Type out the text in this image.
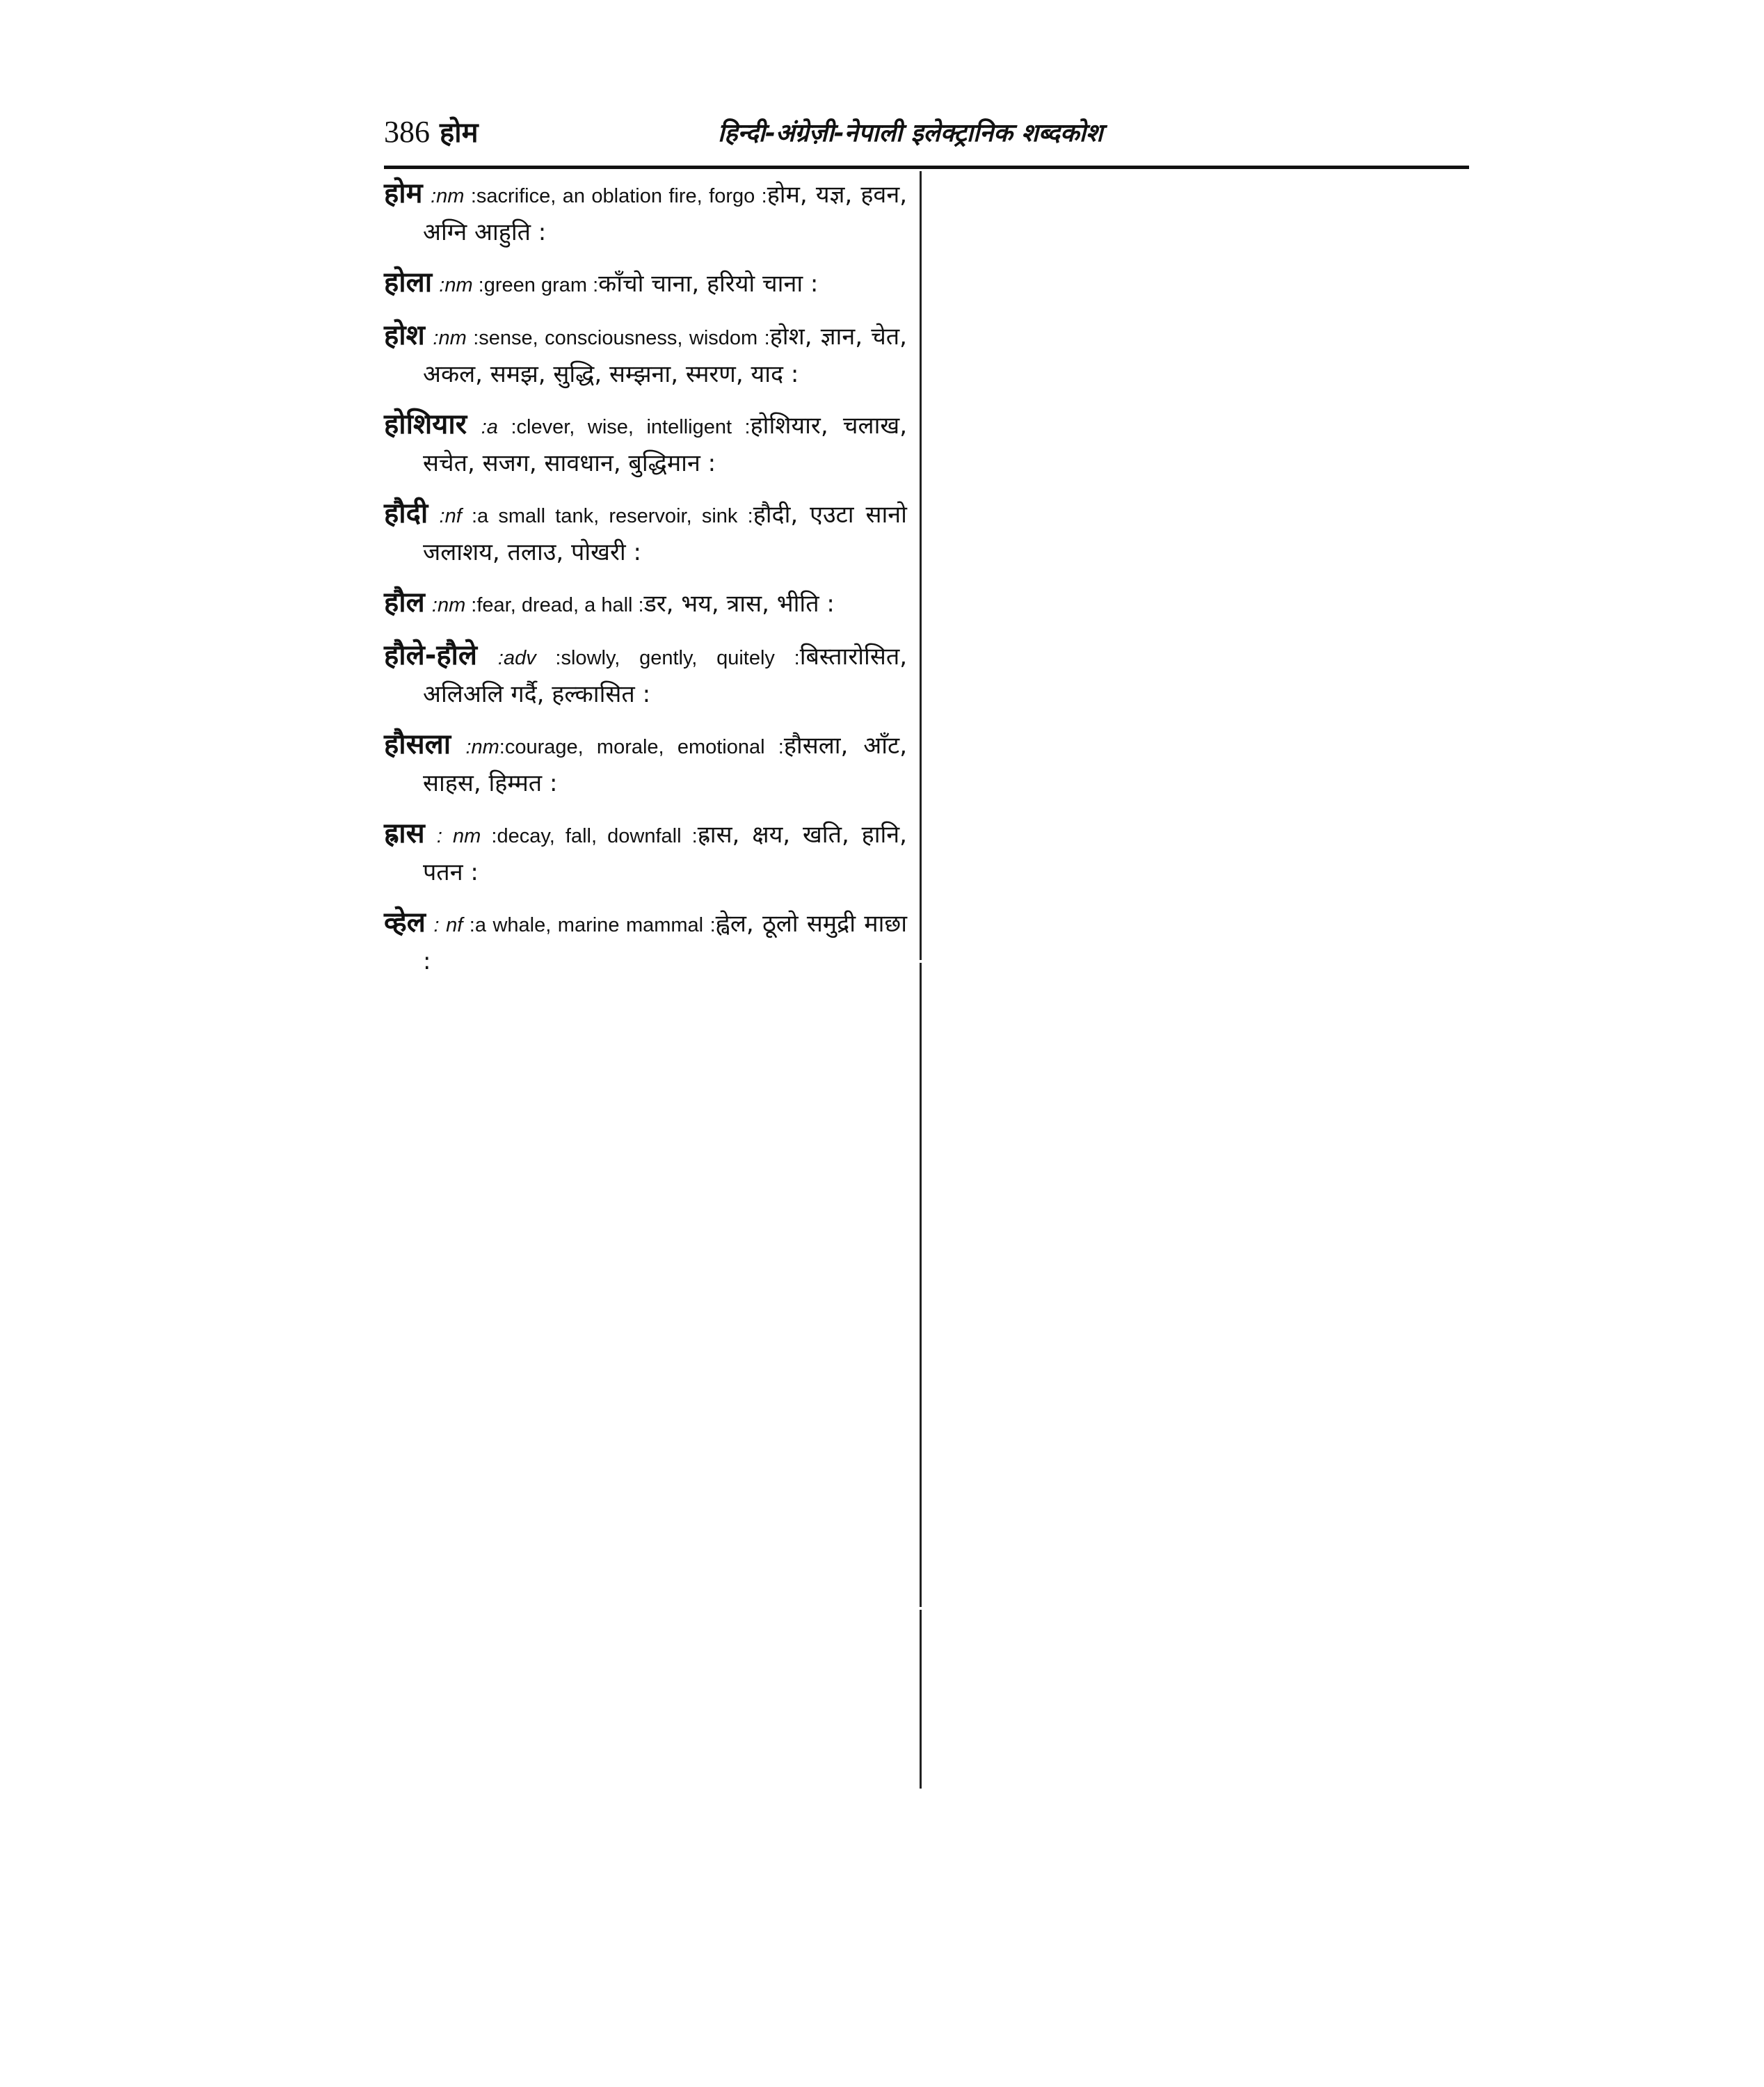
386 होम	हिन्दी-अंग्रेज़ी-नेपाली इलेक्ट्रानिक शब्दकोश

होम :nm :sacrifice, an oblation fire, forgo :होम, यज्ञ, हवन, अग्नि आहुति :

होला :nm :green gram :काँचो चाना, हरियो चाना :

होश :nm :sense, consciousness, wisdom :होश, ज्ञान, चेत, अकल, समझ, सुद्धि, सम्झना, स्मरण, याद :

होशियार :a :clever, wise, intelligent :होशियार, चलाख, सचेत, सजग, सावधान, बुद्धिमान :

हौदी :nf :a small tank, reservoir, sink :हौदी, एउटा सानो जलाशय, तलाउ, पोखरी :

हौल :nm :fear, dread, a hall :डर, भय, त्रास, भीति :

हौले-हौले :adv :slowly, gently, quitely :बिस्तारोसित, अलिअलि गर्दै, हल्कासित :

हौसला :nm:courage, morale, emotional :हौसला, आँट, साहस, हिम्मत :

ह्रास : nm :decay, fall, downfall :ह्रास, क्षय, खति, हानि, पतन :

व्हेल : nf :a whale, marine mammal :ह्वेल, ठूलो समुद्री माछा :
